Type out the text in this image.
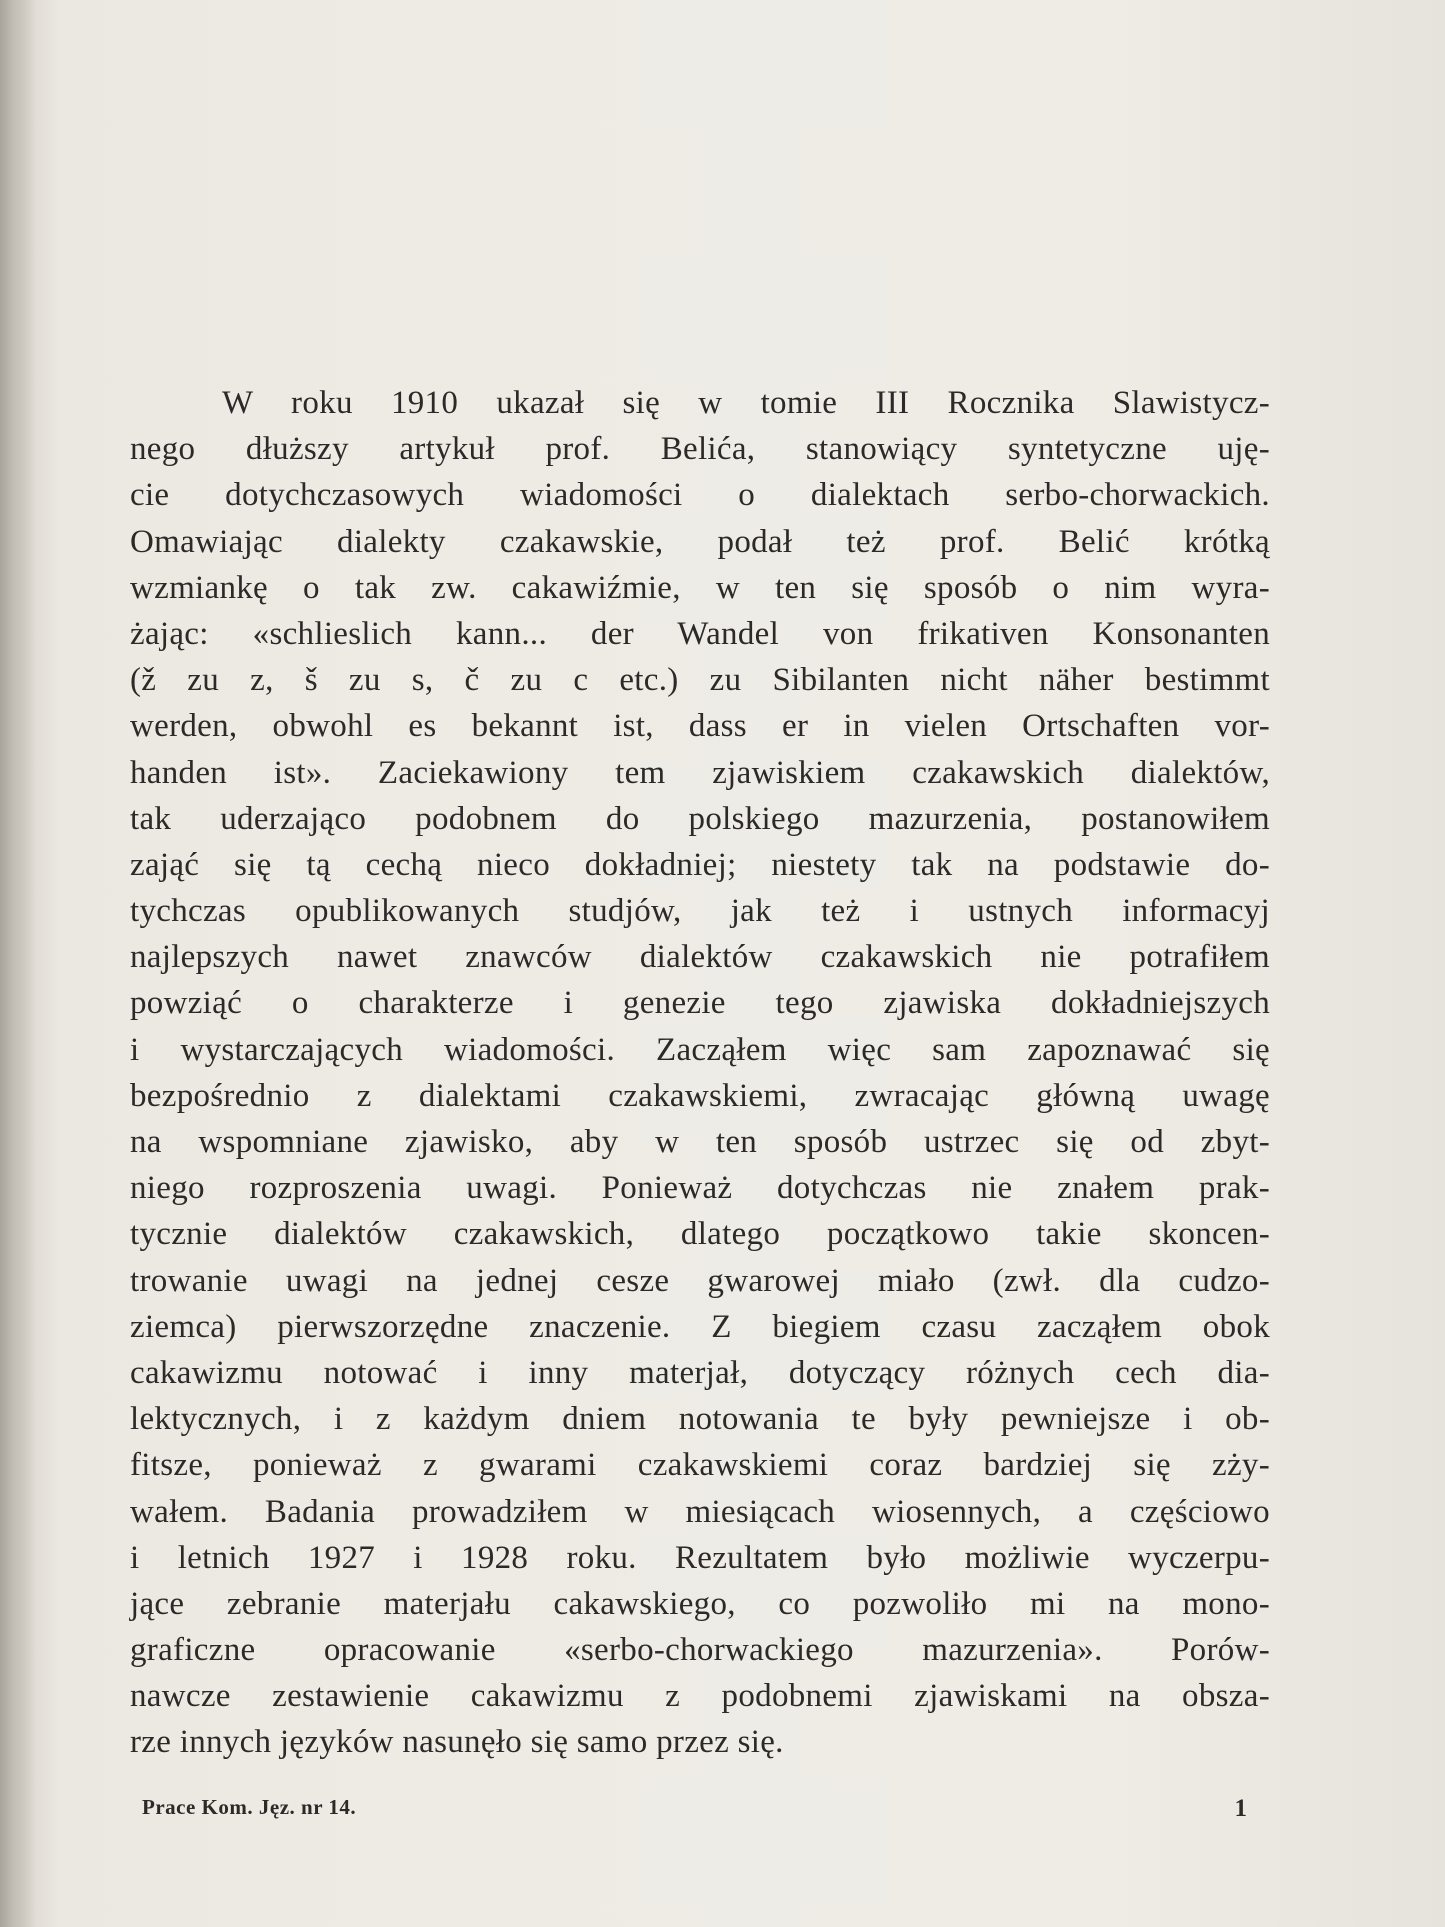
W roku 1910 ukazał się w tomie III Rocznika Slawistycz-
nego dłuższy artykuł prof. Belića, stanowiący syntetyczne uję-
cie dotychczasowych wiadomości o dialektach serbo-chorwackich.
Omawiając dialekty czakawskie, podał też prof. Belić krótką
wzmiankę o tak zw. cakawiźmie, w ten się sposób o nim wyra-
żając: «schlieslich kann... der Wandel von frikativen Konsonanten
(ž zu z, š zu s, č zu c etc.) zu Sibilanten nicht näher bestimmt
werden, obwohl es bekannt ist, dass er in vielen Ortschaften vor-
handen ist». Zaciekawiony tem zjawiskiem czakawskich dialektów,
tak uderzająco podobnem do polskiego mazurzenia, postanowiłem
zająć się tą cechą nieco dokładniej; niestety tak na podstawie do-
tychczas opublikowanych studjów, jak też i ustnych informacyj
najlepszych nawet znawców dialektów czakawskich nie potrafiłem
powziąć o charakterze i genezie tego zjawiska dokładniejszych
i wystarczających wiadomości. Zacząłem więc sam zapoznawać się
bezpośrednio z dialektami czakawskiemi, zwracając główną uwagę
na wspomniane zjawisko, aby w ten sposób ustrzec się od zbyt-
niego rozproszenia uwagi. Ponieważ dotychczas nie znałem prak-
tycznie dialektów czakawskich, dlatego początkowo takie skoncen-
trowanie uwagi na jednej cesze gwarowej miało (zwł. dla cudzo-
ziemca) pierwszorzędne znaczenie. Z biegiem czasu zacząłem obok
cakawizmu notować i inny materjał, dotyczący różnych cech dia-
lektycznych, i z każdym dniem notowania te były pewniejsze i ob-
fitsze, ponieważ z gwarami czakawskiemi coraz bardziej się zży-
wałem. Badania prowadziłem w miesiącach wiosennych, a częściowo
i letnich 1927 i 1928 roku. Rezultatem było możliwie wyczerpu-
jące zebranie materjału cakawskiego, co pozwoliło mi na mono-
graficzne opracowanie «serbo-chorwackiego mazurzenia». Porów-
nawcze zestawienie cakawizmu z podobnemi zjawiskami na obsza-
rze innych języków nasunęło się samo przez się.
Prace Kom. Jęz. nr 14.	1
